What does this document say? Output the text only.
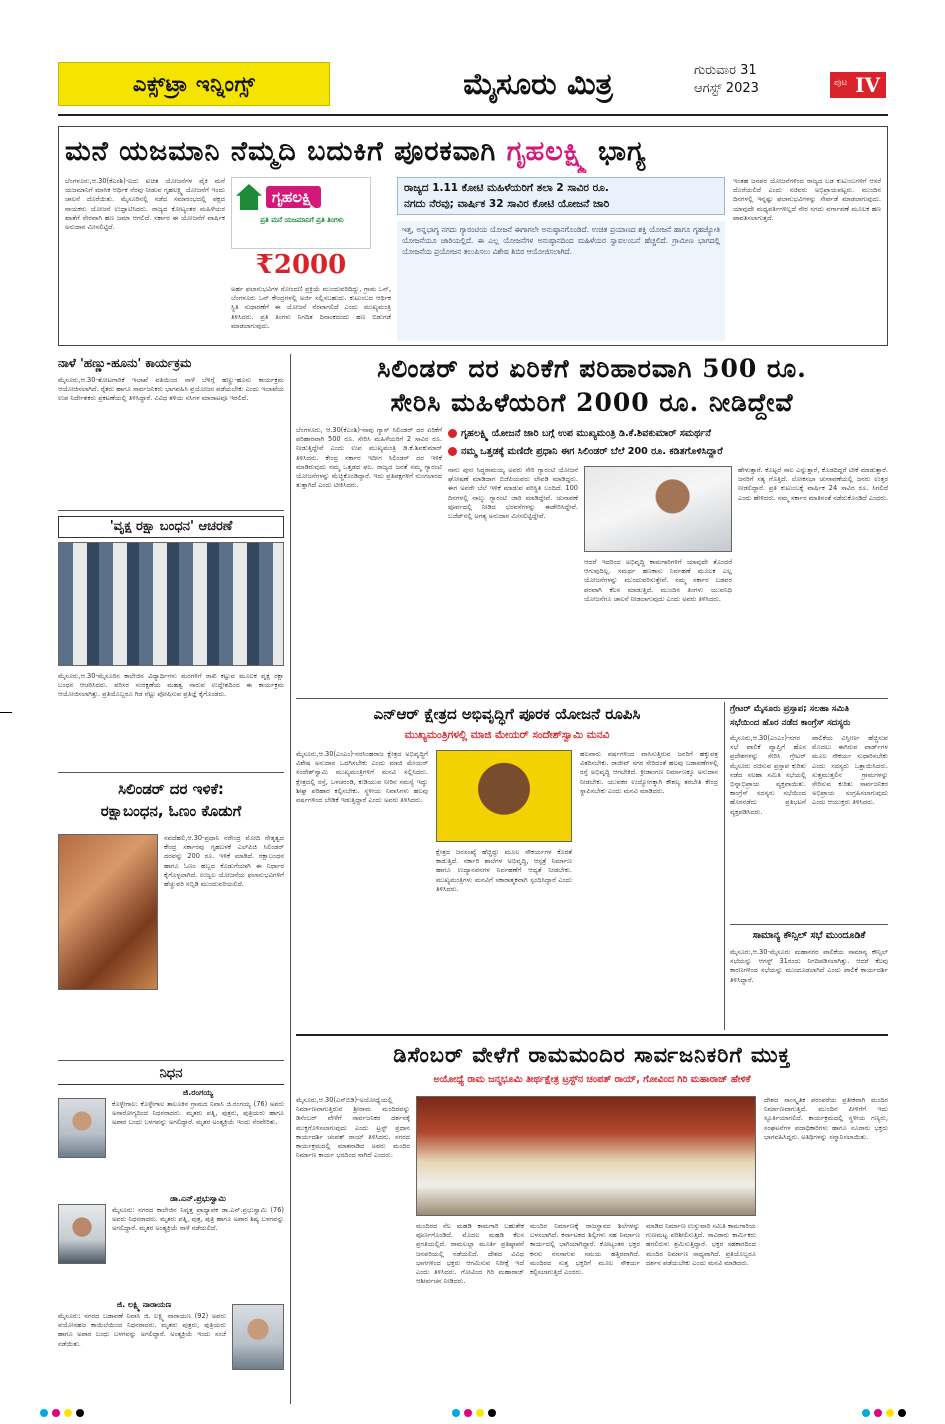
ಎಕ್ಸ್‌ಟ್ರಾ ಇನ್ನಿಂಗ್ಸ್	ಮೈಸೂರು ಮಿತ್ರ	ಗುರುವಾರ 31
ಆಗಸ್ಟ್ 2023	ಪುಟ IV
ಮನೆ ಯಜಮಾನಿ ನೆಮ್ಮದಿ ಬದುಕಿಗೆ ಪೂರಕವಾಗಿ ಗೃಹಲಕ್ಷ್ಮಿ ಭಾಗ್ಯ
ಬೆಂಗಳೂರು,ಆ.30(ಕೆಎಂಶಿ)-ಐದು ಖಚಿತ ಯೋಜನೆಗಳ ಪೈಕಿ ಮನೆ ಯಜಮಾನಿಗೆ ಮಾಸಿಕ ಆರ್ಥಿಕ ನೆರವು ನೀಡುವ ಗೃಹಲಕ್ಷ್ಮಿ ಯೋಜನೆಗೆ ಇಂದು ಚಾಲನೆ ದೊರೆಯಿತು. ಮೈಸೂರಿನಲ್ಲಿ ನಡೆದ ಸಮಾರಂಭದಲ್ಲಿ ಪಕ್ಷದ ನಾಯಕರು ಯೋಜನೆ ಉದ್ಘಾಟಿಸಿದರು. ರಾಜ್ಯದ ಕೋಟ್ಯಂತರ ಮಹಿಳೆಯರ ಖಾತೆಗೆ ನೇರವಾಗಿ ಹಣ ಜಮಾ ಆಗಲಿದೆ. ಸರ್ಕಾರ ಈ ಯೋಜನೆಗೆ ವಾರ್ಷಿಕ ಅನುದಾನ ಮೀಸಲಿಟ್ಟಿದೆ.
ಗೃಹಲಕ್ಷ್ಮಿ
ಪ್ರತಿ ಮನೆ ಯಜಮಾನಿಗೆ ಪ್ರತಿ ತಿಂಗಳು
₹2000
ಅರ್ಹ ಫಲಾನುಭವಿಗಳ ನೋಂದಣಿ ಪ್ರಕ್ರಿಯೆ ಮುಂದುವರಿದಿದ್ದು, ಗ್ರಾಮ ಒನ್, ಬೆಂಗಳೂರು ಒನ್ ಕೇಂದ್ರಗಳಲ್ಲಿ ಅರ್ಜಿ ಸಲ್ಲಿಸಬಹುದು. ಕುಟುಂಬದ ಆರ್ಥಿಕ ಸ್ಥಿತಿ ಸುಧಾರಣೆಗೆ ಈ ಯೋಜನೆ ನೆರವಾಗಲಿದೆ ಎಂದು ಮುಖ್ಯಮಂತ್ರಿ ತಿಳಿಸಿದರು. ಪ್ರತಿ ತಿಂಗಳು ನಿಗದಿತ ದಿನಾಂಕದಂದು ಹಣ ಬಿಡುಗಡೆ ಮಾಡಲಾಗುವುದು.
ರಾಜ್ಯದ 1.11 ಕೋಟಿ ಮಹಿಳೆಯರಿಗೆ ತಲಾ 2 ಸಾವಿರ ರೂ.
ನಗದು ನೆರವು; ವಾರ್ಷಿಕ 32 ಸಾವಿರ ಕೋಟಿ ಯೋಜನೆ ಜಾರಿ
ಇತ್ತ, ಅನ್ನಭಾಗ್ಯ ನಗದು ಗ್ಯಾರಂಟಿಯ ಯೋಜನೆ ಈಗಾಗಲೇ ಅನುಷ್ಠಾನಗೊಂಡಿದೆ. ಉಚಿತ ಪ್ರಯಾಣದ ಶಕ್ತಿ ಯೋಜನೆ ಹಾಗೂ ಗೃಹಜ್ಯೋತಿ ಯೋಜನೆಯೂ ಜಾರಿಯಲ್ಲಿದೆ. ಈ ಎಲ್ಲ ಯೋಜನೆಗಳ ಅನುಷ್ಠಾನದಿಂದ ಮಹಿಳೆಯರ ಸ್ವಾವಲಂಬನೆ ಹೆಚ್ಚಲಿದೆ. ಗ್ರಾಮೀಣ ಭಾಗದಲ್ಲಿ ಯೋಜನೆಯ ಪ್ರಯೋಜನ ತಲುಪಿಸಲು ವಿಶೇಷ ಶಿಬಿರ ಆಯೋಜಿಸಲಾಗಿದೆ.
ಇಂತಹ ಜನಪರ ಯೋಜನೆಗಳಿಂದ ರಾಜ್ಯದ ಬಡ ಕುಟುಂಬಗಳಿಗೆ ಆಸರೆ ದೊರೆಯಲಿದೆ ಎಂದು ಸಚಿವರು ಅಭಿಪ್ರಾಯಪಟ್ಟರು. ಮುಂದಿನ ದಿನಗಳಲ್ಲಿ ಇನ್ನಷ್ಟು ಫಲಾನುಭವಿಗಳನ್ನು ಸೇರ್ಪಡೆ ಮಾಡಲಾಗುವುದು. ಯಾವುದೇ ಮಧ್ಯವರ್ತಿಗಳಿಲ್ಲದೆ ನೇರ ನಗದು ವರ್ಗಾವಣೆ ಮೂಲಕ ಹಣ ಪಾವತಿಸಲಾಗುತ್ತದೆ.
ನಾಳೆ 'ಹಣ್ಣು-ಹೂನು' ಕಾರ್ಯಕ್ರಮ
ಮೈಸೂರು,ಆ.30-ತೋಟಗಾರಿಕೆ ಇಲಾಖೆ ವತಿಯಿಂದ ನಾಳೆ ಬೆಳಿಗ್ಗೆ ಹಣ್ಣು-ಹೂನು ಕಾರ್ಯಕ್ರಮ ಆಯೋಜಿಸಲಾಗಿದೆ. ರೈತರು ಹಾಗೂ ಸಾರ್ವಜನಿಕರು ಭಾಗವಹಿಸಿ ಪ್ರಯೋಜನ ಪಡೆಯಬೇಕು ಎಂದು ಇಲಾಖೆಯ ಉಪ ನಿರ್ದೇಶಕರು ಪ್ರಕಟಣೆಯಲ್ಲಿ ತಿಳಿಸಿದ್ದಾರೆ. ವಿವಿಧ ತಳಿಯ ಸಸಿಗಳ ಮಾರಾಟವೂ ಇರಲಿದೆ.
'ವೃಕ್ಷ ರಕ್ಷಾ ಬಂಧನ' ಆಚರಣೆ
ಮೈಸೂರು,ಆ.30-ಮೈಸೂರಿನ ಕಾಲೇಜಿನ ವಿದ್ಯಾರ್ಥಿಗಳು ಮರಗಳಿಗೆ ರಾಖಿ ಕಟ್ಟುವ ಮೂಲಕ ವೃಕ್ಷ ರಕ್ಷಾ ಬಂಧನ ಆಚರಿಸಿದರು. ಪರಿಸರ ಸಂರಕ್ಷಣೆಯ ಮಹತ್ವ ಸಾರುವ ಉದ್ದೇಶದಿಂದ ಈ ಕಾರ್ಯಕ್ರಮ ಆಯೋಜಿಸಲಾಗಿತ್ತು. ಪ್ರತಿಯೊಬ್ಬರೂ ಗಿಡ ನೆಟ್ಟು ಪೋಷಿಸುವ ಪ್ರತಿಜ್ಞೆ ಕೈಗೊಂಡರು.
ಸಿಲಿಂಡರ್ ದರ ಇಳಿಕೆ:
ರಕ್ಷಾಬಂಧನ, ಓಣಂ ಕೊಡುಗೆ
ನವದೆಹಲಿ,ಆ.30-ಪ್ರಧಾನಿ ನರೇಂದ್ರ ಮೋದಿ ನೇತೃತ್ವದ ಕೇಂದ್ರ ಸರ್ಕಾರವು ಗೃಹಬಳಕೆ ಎಲ್‌ಪಿಜಿ ಸಿಲಿಂಡರ್ ದರವನ್ನು 200 ರೂ. ಇಳಿಕೆ ಮಾಡಿದೆ. ರಕ್ಷಾಬಂಧನ ಹಾಗೂ ಓಣಂ ಹಬ್ಬದ ಕೊಡುಗೆಯಾಗಿ ಈ ನಿರ್ಧಾರ ಕೈಗೊಳ್ಳಲಾಗಿದೆ. ಉಜ್ವಲ ಯೋಜನೆಯ ಫಲಾನುಭವಿಗಳಿಗೆ ಹೆಚ್ಚುವರಿ ಸಬ್ಸಿಡಿ ಮುಂದುವರಿಯಲಿದೆ.
ನಿಧನ
ಜಿ.ರಂಗಯ್ಯ
ಕೊಳ್ಳೇಗಾಲ: ಕೊಳ್ಳೇಗಾಲ ತಾಲೂಕಿನ ಗ್ರಾಮದ ನಿವಾಸಿ ಜಿ.ರಂಗಯ್ಯ (76) ಅವರು ಅನಾರೋಗ್ಯದಿಂದ ನಿಧನರಾದರು. ಮೃತರು ಪತ್ನಿ, ಪುತ್ರರು, ಪುತ್ರಿಯರು ಹಾಗೂ ಅಪಾರ ಬಂಧು ಬಳಗವನ್ನು ಅಗಲಿದ್ದಾರೆ. ಮೃತರ ಅಂತ್ಯಕ್ರಿಯೆ ಇಂದು ನೆರವೇರಿತು.
ಡಾ.ಎನ್.ಪ್ರಭುಸ್ವಾಮಿ
ಮೈಸೂರು: ನಗರದ ಕಾಲೇಜಿನ ನಿವೃತ್ತ ಪ್ರಾಧ್ಯಾಪಕ ಡಾ.ಎನ್.ಪ್ರಭುಸ್ವಾಮಿ (76) ಅವರು ನಿಧನರಾದರು. ಮೃತರು ಪತ್ನಿ, ಪುತ್ರ, ಪುತ್ರಿ ಹಾಗೂ ಅಪಾರ ಶಿಷ್ಯ ಬಳಗವನ್ನು ಅಗಲಿದ್ದಾರೆ. ಮೃತರ ಅಂತ್ಯಕ್ರಿಯೆ ನಾಳೆ ನಡೆಯಲಿದೆ.
ಜಿ. ಲಕ್ಷ್ಮಿ ನಾರಾಯಣ
ಮೈಸೂರು: ನಗರದ ಬಡಾವಣೆ ನಿವಾಸಿ ಜಿ. ಲಕ್ಷ್ಮಿ ನಾರಾಯಣ (92) ಅವರು ವಯೋಸಹಜ ಕಾಯಿಲೆಯಿಂದ ನಿಧನರಾದರು. ಮೃತರು ಪುತ್ರರು, ಪುತ್ರಿಯರು ಹಾಗೂ ಅಪಾರ ಬಂಧು ಬಳಗವನ್ನು ಅಗಲಿದ್ದಾರೆ. ಅಂತ್ಯಕ್ರಿಯೆ ಇಂದು ಸಂಜೆ ನಡೆಯಿತು.
ಸಿಲಿಂಡರ್ ದರ ಏರಿಕೆಗೆ ಪರಿಹಾರವಾಗಿ 500 ರೂ.
ಸೇರಿಸಿ ಮಹಿಳೆಯರಿಗೆ 2000 ರೂ. ನೀಡಿದ್ದೇವೆ
ಬೆಂಗಳೂರು, ಆ.30(ಕೆಎಂಶಿ)-ನಾವು ಗ್ಯಾಸ್ ಸಿಲಿಂಡರ್ ದರ ಏರಿಕೆಗೆ ಪರಿಹಾರವಾಗಿ 500 ರೂ. ಸೇರಿಸಿ ಮಹಿಳೆಯರಿಗೆ 2 ಸಾವಿರ ರೂ. ನೀಡುತ್ತಿದ್ದೇವೆ ಎಂದು ಉಪ ಮುಖ್ಯಮಂತ್ರಿ ಡಿ.ಕೆ.ಶಿವಕುಮಾರ್ ತಿಳಿಸಿದರು. ಕೇಂದ್ರ ಸರ್ಕಾರ ಇದೀಗ ಸಿಲಿಂಡರ್ ದರ ಇಳಿಕೆ ಮಾಡಿರುವುದು ನಮ್ಮ ಒತ್ತಡದ ಫಲ. ರಾಜ್ಯದ ಜನತೆ ನಮ್ಮ ಗ್ಯಾರಂಟಿ ಯೋಜನೆಗಳನ್ನು ಮೆಚ್ಚಿಕೊಂಡಿದ್ದಾರೆ. ಇದು ಪ್ರತಿಪಕ್ಷಗಳಿಗೆ ನುಂಗಲಾರದ ತುತ್ತಾಗಿದೆ ಎಂದು ಟೀಕಿಸಿದರು.
ಗೃಹಲಕ್ಷ್ಮಿ ಯೋಜನೆ ಜಾರಿ ಬಗ್ಗೆ ಉಪ ಮುಖ್ಯಮಂತ್ರಿ ಡಿ.ಕೆ.ಶಿವಕುಮಾರ್ ಸಮರ್ಥನೆ
ನಮ್ಮ ಒತ್ತಡಕ್ಕೆ ಮಣಿದೇ ಪ್ರಧಾನಿ ಈಗ ಸಿಲಿಂಡರ್ ಬೆಲೆ 200 ರೂ. ಕಡಿತಗೊಳಿಸಿದ್ದಾರೆ
ನಾನು ಪುನಃ ಸಿದ್ಧರಾಮಯ್ಯ ಅವರು ಸೇರಿ ಗ್ಯಾರಂಟಿ ಯೋಜನೆ ಘೋಷಣೆ ಮಾಡಿದಾಗ ಬಿಜೆಪಿಯವರು ಲೇವಡಿ ಮಾಡಿದ್ದರು. ಈಗ ಅವರೇ ಬೆಲೆ ಇಳಿಕೆ ಮಾಡುವ ಪರಿಸ್ಥಿತಿ ಬಂದಿದೆ. 100 ದಿನಗಳಲ್ಲಿ ನಾಲ್ಕು ಗ್ಯಾರಂಟಿ ಜಾರಿ ಮಾಡಿದ್ದೇವೆ. ಚುನಾವಣೆ ಪೂರ್ವದಲ್ಲಿ ನೀಡಿದ ಭರವಸೆಗಳನ್ನು ಈಡೇರಿಸಿದ್ದೇವೆ. ಬಜೆಟ್‌ನಲ್ಲಿ ಅಗತ್ಯ ಅನುದಾನ ಮೀಸಲಿಟ್ಟಿದ್ದೇವೆ.
ಆದರೆ ಇದರಿಂದ ಅಭಿವೃದ್ಧಿ ಕಾಮಗಾರಿಗಳಿಗೆ ಯಾವುದೇ ತೊಂದರೆ ಆಗುವುದಿಲ್ಲ. ಸಮರ್ಥ ಹಣಕಾಸು ನಿರ್ವಹಣೆ ಮೂಲಕ ಎಲ್ಲ ಯೋಜನೆಗಳನ್ನು ಮುಂದುವರಿಸುತ್ತೇವೆ. ನಮ್ಮ ಸರ್ಕಾರ ಬಡವರ ಪರವಾಗಿ ಕೆಲಸ ಮಾಡುತ್ತಿದೆ. ಮುಂದಿನ ತಿಂಗಳು ಯುವನಿಧಿ ಯೋಜನೆಗೂ ಚಾಲನೆ ನೀಡಲಾಗುವುದು ಎಂದು ಅವರು ತಿಳಿಸಿದರು.
ಹೇಳುತ್ತಾರೆ. ಕೊಟ್ಟರೆ ಸಾಲ ಎನ್ನುತ್ತಾರೆ, ಕೊಡದಿದ್ದರೆ ಟೀಕೆ ಮಾಡುತ್ತಾರೆ. ಜನರಿಗೆ ಸತ್ಯ ಗೊತ್ತಿದೆ. ಲೋಕಸಭಾ ಚುನಾವಣೆಯಲ್ಲಿ ಜನರು ಉತ್ತರ ನೀಡಲಿದ್ದಾರೆ. ಪ್ರತಿ ಕುಟುಂಬಕ್ಕೆ ವಾರ್ಷಿಕ 24 ಸಾವಿರ ರೂ. ಸಿಗಲಿದೆ ಎಂದು ಹೇಳಿದರು. ನಮ್ಮ ಸರ್ಕಾರ ಮಾತಿನಂತೆ ನಡೆದುಕೊಂಡಿದೆ ಎಂದರು.
ಎನ್‌ಆರ್ ಕ್ಷೇತ್ರದ ಅಭಿವೃದ್ಧಿಗೆ ಪೂರಕ ಯೋಜನೆ ರೂಪಿಸಿ
ಮುಖ್ಯಮಂತ್ರಿಗಳಲ್ಲಿ ಮಾಜಿ ಮೇಯರ್ ಸಂದೇಶ್‌ಸ್ವಾಮಿ ಮನವಿ
ಮೈಸೂರು,ಆ.30(ಎಂಎಂ)-ನರಸಿಂಹರಾಜ ಕ್ಷೇತ್ರದ ಅಭಿವೃದ್ಧಿಗೆ ವಿಶೇಷ ಅನುದಾನ ಒದಗಿಸಬೇಕು ಎಂದು ಮಾಜಿ ಮೇಯರ್ ಸಂದೇಶ್‌ಸ್ವಾಮಿ ಮುಖ್ಯಮಂತ್ರಿಗಳಿಗೆ ಮನವಿ ಸಲ್ಲಿಸಿದರು. ಕ್ಷೇತ್ರದಲ್ಲಿ ರಸ್ತೆ, ಒಳಚರಂಡಿ, ಕುಡಿಯುವ ನೀರಿನ ಸಮಸ್ಯೆ ಇದ್ದು ಶೀಘ್ರ ಪರಿಹಾರ ಕಲ್ಪಿಸಬೇಕು. ಸ್ಥಳೀಯ ನಿವಾಸಿಗಳು ಹಲವು ವರ್ಷಗಳಿಂದ ಬೇಡಿಕೆ ಇಡುತ್ತಿದ್ದಾರೆ ಎಂದು ಅವರು ತಿಳಿಸಿದರು.
ಕ್ಷೇತ್ರದ ಜನಸಂಖ್ಯೆ ಹೆಚ್ಚಿದ್ದು ಮೂಲ ಸೌಕರ್ಯಗಳ ಕೊರತೆ ಕಾಡುತ್ತಿದೆ. ಸರ್ಕಾರಿ ಶಾಲೆಗಳ ಅಭಿವೃದ್ಧಿ, ಆಸ್ಪತ್ರೆ ನಿರ್ಮಾಣ ಹಾಗೂ ಉದ್ಯಾನವನಗಳ ನಿರ್ವಹಣೆಗೆ ಆದ್ಯತೆ ನೀಡಬೇಕು. ಮುಖ್ಯಮಂತ್ರಿಗಳು ಮನವಿಗೆ ಸಕಾರಾತ್ಮಕವಾಗಿ ಸ್ಪಂದಿಸಿದ್ದಾರೆ ಎಂದು ತಿಳಿಸಿದರು.
ಹಲವಾರು ವರ್ಷಗಳಿಂದ ವಾಸಿಸುತ್ತಿರುವ ಜನರಿಗೆ ಹಕ್ಕುಪತ್ರ ವಿತರಿಸಬೇಕು. ರಾಜೀವ್ ನಗರ ಸೇರಿದಂತೆ ಹಲವು ಬಡಾವಣೆಗಳಲ್ಲಿ ರಸ್ತೆ ಅಭಿವೃದ್ಧಿ ಆಗಬೇಕಿದೆ. ಕ್ರೀಡಾಂಗಣ ನಿರ್ಮಾಣಕ್ಕೂ ಅನುದಾನ ನೀಡಬೇಕು. ಯುವಕರ ಉದ್ಯೋಗಕ್ಕಾಗಿ ಕೌಶಲ್ಯ ತರಬೇತಿ ಕೇಂದ್ರ ಸ್ಥಾಪಿಸಬೇಕು ಎಂದು ಮನವಿ ಮಾಡಿದರು.
ಗ್ರೇಟರ್ ಮೈಸೂರು ಪ್ರಸ್ತಾಪ; ಸಲಹಾ ಸಮಿತಿ
ಸಭೆಯಿಂದ ಹೊರ ನಡೆದ ಕಾಂಗ್ರೆಸ್ ಸದಸ್ಯರು
ಮೈಸೂರು,ಆ.30(ಎಂಎಂ)-ನಗರ ಸಭೆ ಪಾಲಿಕೆ ವ್ಯಾಪ್ತಿಗೆ ಹೊಸ ಪ್ರದೇಶಗಳನ್ನು ಸೇರಿಸಿ ಗ್ರೇಟರ್ ಮೈಸೂರು ರಚಿಸುವ ಪ್ರಸ್ತಾಪ ಕುರಿತು ನಡೆದ ಸಲಹಾ ಸಮಿತಿ ಸಭೆಯಲ್ಲಿ ಭಿನ್ನಾಭಿಪ್ರಾಯ ವ್ಯಕ್ತವಾಯಿತು. ಕಾಂಗ್ರೆಸ್ ಸದಸ್ಯರು ಸಭೆಯಿಂದ ಹೊರನಡೆದು ಪ್ರತಿಭಟನೆ ವ್ಯಕ್ತಪಡಿಸಿದರು.
ಪಾಲಿಕೆಯ ವಿಸ್ತೀರ್ಣ ಹೆಚ್ಚಿಸುವ ಮೊದಲು ಈಗಿರುವ ವಾರ್ಡ್‌ಗಳ ಮೂಲ ಸೌಕರ್ಯ ಸುಧಾರಿಸಬೇಕು ಎಂದು ಸದಸ್ಯರು ಒತ್ತಾಯಿಸಿದರು. ಸುತ್ತಮುತ್ತಲಿನ ಗ್ರಾಮಗಳನ್ನು ಸೇರಿಸುವ ಕುರಿತು ಸಾರ್ವಜನಿಕರ ಅಭಿಪ್ರಾಯ ಸಂಗ್ರಹಿಸಲಾಗುವುದು ಎಂದು ಆಯುಕ್ತರು ತಿಳಿಸಿದರು.
ಸಾಮಾನ್ಯ ಕೌನ್ಸಿಲ್ ಸಭೆ ಮುಂದೂಡಿಕೆ
ಮೈಸೂರು,ಆ.30-ಮೈಸೂರು ಮಹಾನಗರ ಪಾಲಿಕೆಯ ಸಾಮಾನ್ಯ ಕೌನ್ಸಿಲ್ ಸಭೆಯನ್ನು ಆಗಸ್ಟ್ 31ರಂದು ನಿಗದಿಪಡಿಸಲಾಗಿತ್ತು. ಆದರೆ ಕೆಲವು ಕಾರಣಗಳಿಂದ ಸಭೆಯನ್ನು ಮುಂದೂಡಲಾಗಿದೆ ಎಂದು ಪಾಲಿಕೆ ಕಾರ್ಯದರ್ಶಿ ತಿಳಿಸಿದ್ದಾರೆ.
ಡಿಸೆಂಬರ್ ವೇಳೆಗೆ ರಾಮಮಂದಿರ ಸಾರ್ವಜನಿಕರಿಗೆ ಮುಕ್ತ
ಅಯೋಧ್ಯೆ ರಾಮ ಜನ್ಮಭೂಮಿ ತೀರ್ಥಕ್ಷೇತ್ರ ಟ್ರಸ್ಟ್‌ನ ಚಂಪತ್ ರಾಯ್, ಗೋವಿಂದ ಗಿರಿ ಮಹಾರಾಜ್ ಹೇಳಿಕೆ
ಮೈಸೂರು,ಆ.30(ಎಸ್‌ಬಿಡಿ)-ಅಯೋಧ್ಯೆಯಲ್ಲಿ ನಿರ್ಮಾಣವಾಗುತ್ತಿರುವ ಶ್ರೀರಾಮ ಮಂದಿರವನ್ನು ಡಿಸೆಂಬರ್ ವೇಳೆಗೆ ಸಾರ್ವಜನಿಕರ ದರ್ಶನಕ್ಕೆ ಮುಕ್ತಗೊಳಿಸಲಾಗುವುದು ಎಂದು ಟ್ರಸ್ಟ್ ಪ್ರಧಾನ ಕಾರ್ಯದರ್ಶಿ ಚಂಪತ್ ರಾಯ್ ತಿಳಿಸಿದರು. ನಗರದ ಕಾರ್ಯಕ್ರಮದಲ್ಲಿ ಮಾತನಾಡಿದ ಅವರು ಮಂದಿರ ನಿರ್ಮಾಣ ಕಾರ್ಯ ಭರದಿಂದ ಸಾಗಿದೆ ಎಂದರು.
ಮಂದಿರದ ನೆಲ ಮಹಡಿ ಕಾಮಗಾರಿ ಬಹುತೇಕ ಪೂರ್ಣಗೊಂಡಿದೆ. ಮೊದಲ ಮಹಡಿ ಕೆಲಸ ಪ್ರಗತಿಯಲ್ಲಿದೆ. ರಾಮಲಲ್ಲಾ ಮೂರ್ತಿ ಪ್ರತಿಷ್ಠಾಪನೆ ಜನವರಿಯಲ್ಲಿ ನಡೆಯಲಿದೆ. ದೇಶದ ವಿವಿಧ ಭಾಗಗಳಿಂದ ಭಕ್ತರು ಆಗಮಿಸುವ ನಿರೀಕ್ಷೆ ಇದೆ ಎಂದು ತಿಳಿಸಿದರು. ಗೋವಿಂದ ಗಿರಿ ಮಹಾರಾಜ್ ಆಶೀರ್ವಚನ ನೀಡಿದರು.
ಮಂದಿರ ನಿರ್ಮಾಣಕ್ಕೆ ರಾಜಸ್ಥಾನದ ಶಿಲೆಗಳನ್ನು ಬಳಸಲಾಗಿದೆ. ಕರ್ನಾಟಕದ ಶಿಲ್ಪಿಗಳು ಸಹ ನಿರ್ಮಾಣ ಕಾರ್ಯದಲ್ಲಿ ಭಾಗಿಯಾಗಿದ್ದಾರೆ. ಕೋಟ್ಯಂತರ ಭಕ್ತರ ಕನಸು ನನಸಾಗುವ ಸಮಯ ಹತ್ತಿರವಾಗಿದೆ. ಮಂದಿರದ ಸುತ್ತ ಭಕ್ತರಿಗೆ ಮೂಲ ಸೌಕರ್ಯ ಕಲ್ಪಿಸಲಾಗುತ್ತಿದೆ ಎಂದರು.
ಮಾಡಿದ ನಿರ್ಮಾಣ ಉಸ್ತುವಾರಿ ಸಮಿತಿ ಕಾಮಗಾರಿಯ ಗುಣಮಟ್ಟ ಪರಿಶೀಲಿಸುತ್ತಿದೆ. ಸಾವಿರಾರು ಕಾರ್ಮಿಕರು ಹಗಲಿರುಳು ಶ್ರಮಿಸುತ್ತಿದ್ದಾರೆ. ಭಕ್ತರ ಸಹಕಾರದಿಂದ ಮಂದಿರ ನಿರ್ಮಾಣ ಸಾಧ್ಯವಾಗಿದೆ. ಪ್ರತಿಯೊಬ್ಬರೂ ದರ್ಶನ ಪಡೆಯಬೇಕು ಎಂದು ಮನವಿ ಮಾಡಿದರು.
ದೇಶದ ಸಾಂಸ್ಕೃತಿಕ ಪರಂಪರೆಯ ಪ್ರತೀಕವಾಗಿ ಮಂದಿರ ನಿರ್ಮಾಣವಾಗುತ್ತಿದೆ. ಮುಂದಿನ ಪೀಳಿಗೆಗೆ ಇದು ಸ್ಫೂರ್ತಿಯಾಗಲಿದೆ. ಕಾರ್ಯಕ್ರಮದಲ್ಲಿ ಸ್ಥಳೀಯ ಗಣ್ಯರು, ಸಂಘಟನೆಗಳ ಪದಾಧಿಕಾರಿಗಳು ಹಾಗೂ ನೂರಾರು ಭಕ್ತರು ಭಾಗವಹಿಸಿದ್ದರು. ಅತಿಥಿಗಳನ್ನು ಸನ್ಮಾನಿಸಲಾಯಿತು.
